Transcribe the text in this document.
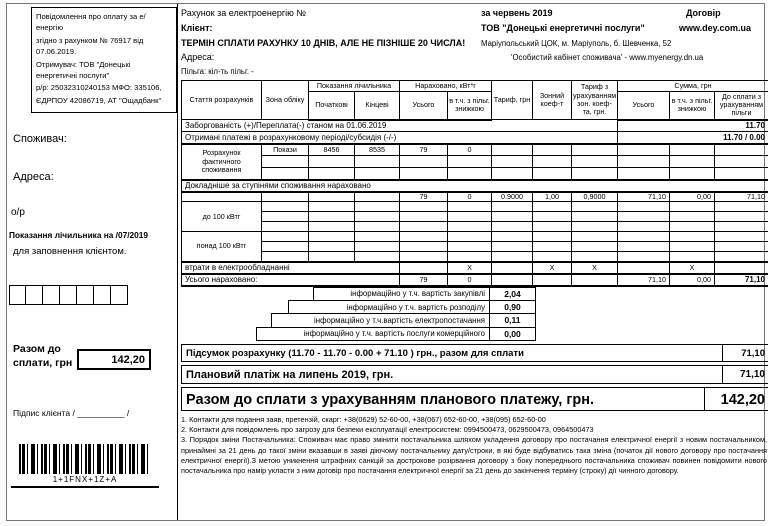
Повідомлення про оплату за е/енергію
згідно з рахунком № 76917 від 07.06.2019.
Отримувач: ТОВ "Донецькі енергетичні послуги"
р/р: 25032310240153 МФО: 335106,
ЄДРПОУ 42086719, АТ "Ощадбанк"
Споживач:
Адреса:
о/р
Показання лічильника на /07/2019
для заповнення клієнтом.
Разом до сплати, грн	142,20
Підпис клієнта / __________ /
1+1FNX+1Z+A
Рахунок за електроенергію №	за червень 2019	Договір
Клієнт:	ТОВ "Донецькі енергетичні послуги"	www.dey.com.ua
ТЕРМІН СПЛАТИ РАХУНКУ 10 ДНІВ, АЛЕ НЕ ПІЗНІШЕ 20 ЧИСЛА!	Маріупольський ЦОК, м. Маріуполь, б. Шевченка, 52
Адреса:	'Особистий кабінет споживача' - www.myenergy.dn.ua
Пільга: кіл-ть пільг. -
Стаття розрахунків	Зона обліку	Показання лічильника		Нараховано, кВт*г		Тариф, грн	Зонний коеф-т	Тариф з урахуванням зон. коеф-та, грн.	Сумма, грн		
		Початкові	Кінцеві	Усього	в т.ч. з пільг. знижкою				Усього	в т.ч. з пільг. знижкою	До сплати з урахуванням пільги
Заборгованість (+)/Переплата(-) станом на 01.06.2019									11.70		
Отримані платежі в розрахунковому періоді/субсидія (-/-)									11.70 / 0.00		
Розрахунок фактичного споживання	Покази	8456	8535	79	0						

Докладніше за ступінями споживання нараховано											
				79	0	0.9000	1,00	0,9000	71,10	0,00	71,10
до 100 кВтг											

понад 100 кВтг											

втрати в електрообладнанні					X		X	X		X	
Усього нараховано:				79	0				71,10	0,00	71,10
інформаційно у т.ч. вартість закупівлі	2,04
інформаційно у т.ч. вартість розподілу	0,90
інформаційно у т.ч.вартість електропостачання	0,11
інформаційно у т.ч. вартість послуги комерційного	0,00
Підсумок розрахунку (11.70 - 11.70 - 0.00 + 71.10 ) грн., разом для сплати	71,10
Плановий платіж на липень 2019, грн.	71,10
Разом до сплати з урахуванням планового платежу, грн.	142,20
1. Контакти для подання заяв, претензій, скарг: +38(0629) 52-60-00, +38(067) 652-60-00, +38(095) 652-60-00
2. Контакти для повідомлень про загрозу для безпеки експлуатації електросистем: 0994500473, 0629500473, 0964500473
3. Порядок зміни Постачальника: Споживач має право змінити постачальника шляхом укладення договору про постачання електричної енергії з новим постачальником, принаймні за 21 день до такої зміни вказавши в заяві діючому постачальнику дату/строки, в які буде відбуватись така зміна (початок дії нового договору про постачання електричної енергії).З метою уникнення штрафних санкцій за дострокове розірвання договору з боку попереднього постачальника споживач повинен повідомити нового постачальника про намір укласти з ним договір про постачання електричної енергії за 21 день до закінчення терміну (строку) дії чинного договору.
